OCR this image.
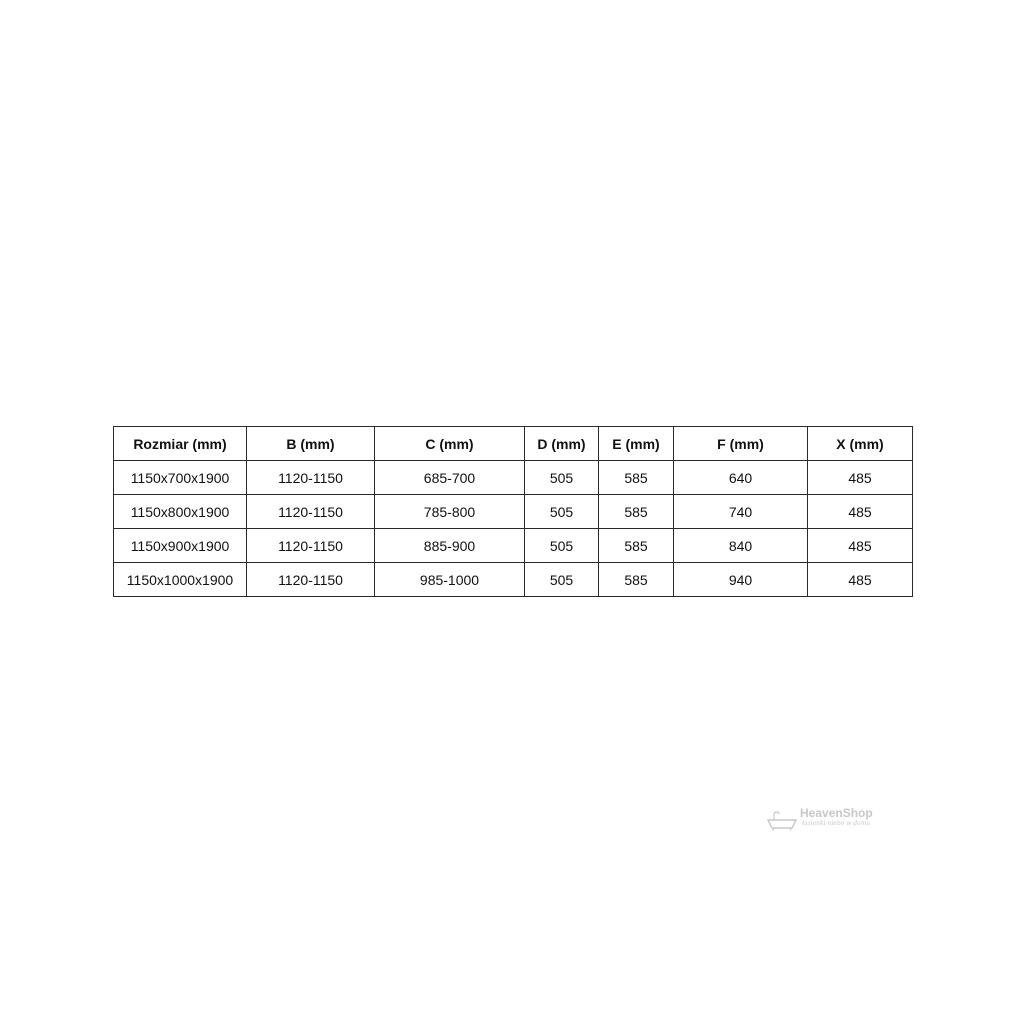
Rozmiar (mm)	B (mm)	C (mm)	D (mm)	E (mm)	F (mm)	X (mm)
1150x700x1900	1120-1150	685-700	505	585	640	485
1150x800x1900	1120-1150	785-800	505	585	740	485
1150x900x1900	1120-1150	885-900	505	585	840	485
1150x1000x1900	1120-1150	985-1000	505	585	940	485
HeavenShop
łazienki niebo w domu
